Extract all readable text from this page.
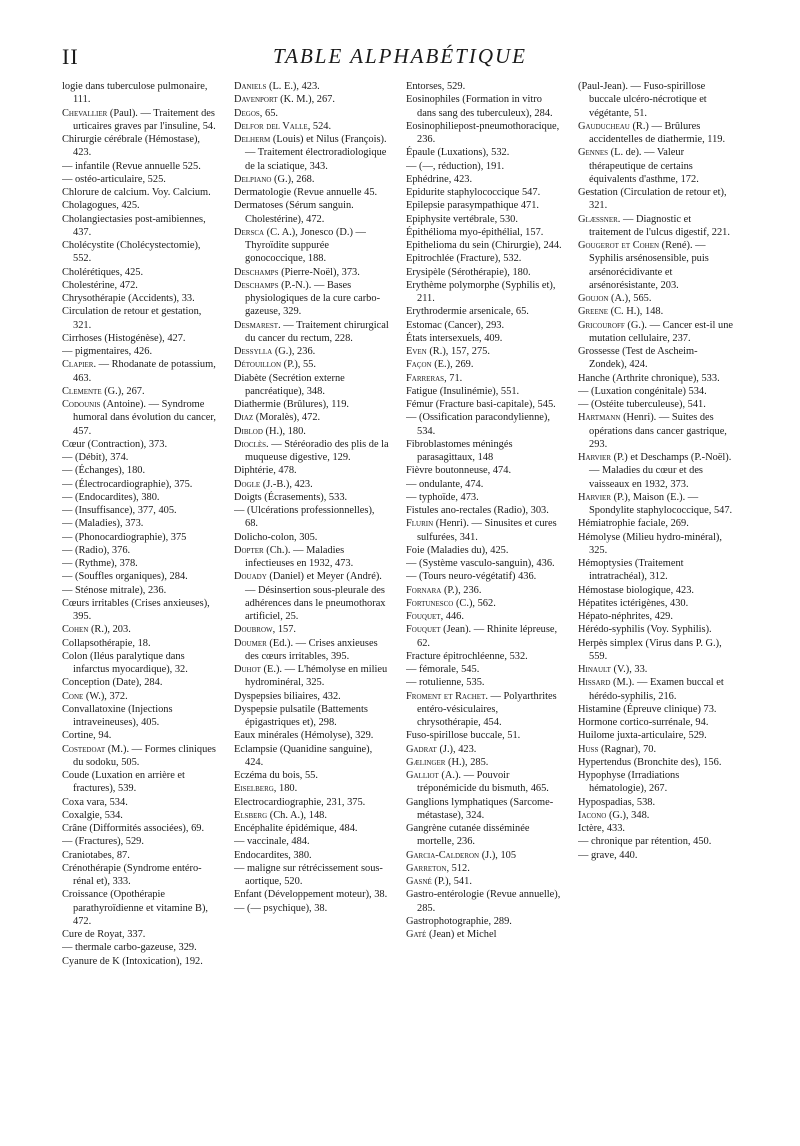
II	TABLE ALPHABÉTIQUE

logie dans tuberculose pulmonaire, 111.

Chevallier (Paul). — Traitement des urticaires graves par l'insuline, 54.

Chirurgie cérébrale (Hémostase), 423.

— infantile (Revue annuelle 525.

— ostéo-articulaire, 525.

Chlorure de calcium. Voy. Calcium.

Cholagogues, 425.

Cholangiectasies post-amibiennes, 437.

Cholécystite (Cholécystectomie), 552.

Cholérétiques, 425.

Cholestérine, 472.

Chrysothérapie (Accidents), 33.

Circulation de retour et gestation, 321.

Cirrhoses (Histogénèse), 427.

— pigmentaires, 426.

Clapier. — Rhodanate de potassium, 463.

Clemente (G.), 267.

Codounis (Antoine). — Syndrome humoral dans évolution du cancer, 457.

Cœur (Contraction), 373.

— (Débit), 374.

— (Échanges), 180.

— (Électrocardiographie), 375.

— (Endocardites), 380.

— (Insuffisance), 377, 405.

— (Maladies), 373.

— (Phonocardiographie), 375

— (Radio), 376.

— (Rythme), 378.

— (Souffles organiques), 284.

— Sténose mitrale), 236.

Cœurs irritables (Crises anxieuses), 395.

Cohen (R.), 203.

Collapsothérapie, 18.

Colon (Iléus paralytique dans infarctus myocardique), 32.

Conception (Date), 284.

Cone (W.), 372.

Convallatoxine (Injections intraveineuses), 405.

Cortine, 94.

Costedoat (M.). — Formes cliniques du sodoku, 505.

Coude (Luxation en arrière et fractures), 539.

Coxa vara, 534.

Coxalgie, 534.

Crâne (Difformités associées), 69.

— (Fractures), 529.

Craniotabes, 87.

Crénothérapie (Syndrome entéro-rénal et), 333.

Croissance (Opothérapie parathyroïdienne et vitamine B), 472.

Cure de Royat, 337.

— thermale carbo-gazeuse, 329.

Cyanure de K (Intoxication), 192.

Daniels (L. E.), 423.

Davenport (K. M.), 267.

Degos, 65.

Delfor del Valle, 524.

Delherm (Louis) et Nilus (François). — Traitement électroradiologique de la sciatique, 343.

Delpiano (G.), 268.

Dermatologie (Revue annuelle 45.

Dermatoses (Sérum sanguin. Cholestérine), 472.

Dersca (C. A.), Jonesco (D.) — Thyroïdite suppurée gonococcique, 188.

Deschamps (Pierre-Noël), 373.

Deschamps (P.-N.). — Bases physiologiques de la cure carbo-gazeuse, 329.

Desmarest. — Traitement chirurgical du cancer du rectum, 228.

Dessylla (G.), 236.

Détouillon (P.), 55.

Diabète (Secrétion externe pancréatique), 348.

Diathermie (Brûlures), 119.

Diaz (Moralès), 472.

Diblod (H.), 180.

Dioclès. — Stéréoradio des plis de la muqueuse digestive, 129.

Diphtérie, 478.

Dogle (J.-B.), 423.

Doigts (Écrasements), 533.

— (Ulcérations professionnelles), 68.

Dolicho-colon, 305.

Dopter (Ch.). — Maladies infectieuses en 1932, 473.

Douady (Daniel) et Meyer (André). — Désinsertion sous-pleurale des adhérences dans le pneumothorax artificiel, 25.

Doubrow, 157.

Doumer (Ed.). — Crises anxieuses des cœurs irritables, 395.

Duhot (E.). — L'hémolyse en milieu hydrominéral, 325.

Dyspepsies biliaires, 432.

Dyspepsie pulsatile (Battements épigastriques et), 298.

Eaux minérales (Hémolyse), 329.

Eclampsie (Quanidine sanguine), 424.

Eczéma du bois, 55.

Eiselberg, 180.

Electrocardiographie, 231, 375.

Elsberg (Ch. A.), 148.

Encéphalite épidémique, 484.

— vaccinale, 484.

Endocardites, 380.

— maligne sur rétrécissement sous-aortique, 520.

Enfant (Développement moteur), 38.

— (— psychique), 38.

Entorses, 529.

Eosinophiles (Formation in vitro dans sang des tuberculeux), 284.

Eosinophiliepost-pneumothoracique, 236.

Épaule (Luxations), 532.

— (—, réduction), 191.

Ephédrine, 423.

Epidurite staphylococcique 547.

Epilepsie parasympathique 471.

Epiphysite vertébrale, 530.

Épithélioma myo-épithélial, 157.

Epithelioma du sein (Chirurgie), 244.

Epitrochlée (Fracture), 532.

Erysipèle (Sérothérapie), 180.

Erythème polymorphe (Syphilis et), 211.

Erythrodermie arsenicale, 65.

Estomac (Cancer), 293.

États intersexuels, 409.

Even (R.), 157, 275.

Façon (E.), 269.

Farreras, 71.

Fatigue (Insulinémie), 551.

Fémur (Fracture basi-capitale), 545.

— (Ossification paracondylienne), 534.

Fibroblastomes méningés parasagittaux, 148

Fièvre boutonneuse, 474.

— ondulante, 474.

— typhoïde, 473.

Fistules ano-rectales (Radio), 303.

Flurin (Henri). — Sinusites et cures sulfurées, 341.

Foie (Maladies du), 425.

— (Système vasculo-sanguin), 436.

— (Tours neuro-végétatif) 436.

Fornara (P.), 236.

Fortunesco (C.), 562.

Fouquet, 446.

Fouquet (Jean). — Rhinite lépreuse, 62.

Fracture épitrochléenne, 532.

— fémorale, 545.

— rotulienne, 535.

Froment et Rachet. — Polyarthrites entéro-vésiculaires, chrysothérapie, 454.

Fuso-spirillose buccale, 51.

Gadrat (J.), 423.

Gælinger (H.), 285.

Galliot (A.). — Pouvoir tréponémicide du bismuth, 465.

Ganglions lymphatiques (Sarcome-métastase), 324.

Gangrène cutanée disséminée mortelle, 236.

Garcia-Calderon (J.), 105

Garreton, 512.

Gasné (P.), 541.

Gastro-entérologie (Revue annuelle), 285.

Gastrophotographie, 289.

Gaté (Jean) et Michel

(Paul-Jean). — Fuso-spirillose buccale ulcéro-nécrotique et végétante, 51.

Gauducheau (R.) — Brûlures accidentelles de diathermie, 119.

Gennes (L. de). — Valeur thérapeutique de certains équivalents d'asthme, 172.

Gestation (Circulation de retour et), 321.

Glæssner. — Diagnostic et traitement de l'ulcus digestif, 221.

Gougerot et Cohen (René). — Syphilis arsénosensible, puis arsénorécidivante et arsénorésistante, 203.

Goujon (A.), 565.

Greene (C. H.), 148.

Gricouroff (G.). — Cancer est-il une mutation cellulaire, 237.

Grossesse (Test de Ascheim-Zondek), 424.

Hanche (Arthrite chronique), 533.

— (Luxation congénitale) 534.

— (Ostéite tuberculeuse), 541.

Hartmann (Henri). — Suites des opérations dans cancer gastrique, 293.

Harvier (P.) et Deschamps (P.-Noël). — Maladies du cœur et des vaisseaux en 1932, 373.

Harvier (P.), Maison (E.). — Spondylite staphylococcique, 547.

Hémiatrophie faciale, 269.

Hémolyse (Milieu hydro-minéral), 325.

Hémoptysies (Traitement intratrachéal), 312.

Hémostase biologique, 423.

Hépatites ictérigènes, 430.

Hépato-néphrites, 429.

Hérédo-syphilis (Voy. Syphilis).

Herpès simplex (Virus dans P. G.), 559.

Hinault (V.), 33.

Hissard (M.). — Examen buccal et hérédo-syphilis, 216.

Histamine (Épreuve clinique) 73.

Hormone cortico-surrénale, 94.

Huilome juxta-articulaire, 529.

Huss (Ragnar), 70.

Hypertendus (Bronchite des), 156.

Hypophyse (Irradiations hématologie), 267.

Hypospadias, 538.

Iacono (G.), 348.

Ictère, 433.

— chronique par rétention, 450.

— grave, 440.
